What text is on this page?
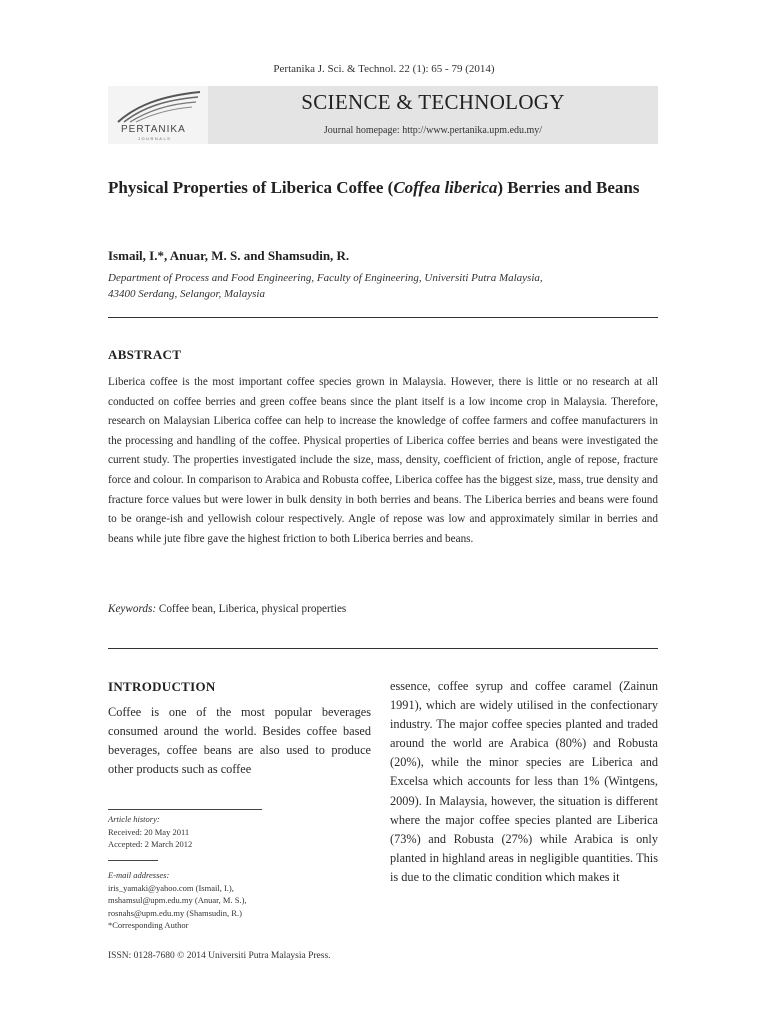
Pertanika J. Sci. & Technol. 22 (1): 65 - 79 (2014)
PERTANIKA
JOURNALS
SCIENCE & TECHNOLOGY
Journal homepage: http://www.pertanika.upm.edu.my/
Physical Properties of Liberica Coffee (Coffea liberica) Berries and Beans
Ismail, I.*, Anuar, M. S. and Shamsudin, R.
Department of Process and Food Engineering, Faculty of Engineering, Universiti Putra Malaysia,
43400 Serdang, Selangor, Malaysia
ABSTRACT
Liberica coffee is the most important coffee species grown in Malaysia. However, there is little or no research at all conducted on coffee berries and green coffee beans since the plant itself is a low income crop in Malaysia. Therefore, research on Malaysian Liberica coffee can help to increase the knowledge of coffee farmers and coffee manufacturers in the processing and handling of the coffee. Physical properties of Liberica coffee berries and beans were investigated the current study. The properties investigated include the size, mass, density, coefficient of friction, angle of repose, fracture force and colour. In comparison to Arabica and Robusta coffee, Liberica coffee has the biggest size, mass, true density and fracture force values but were lower in bulk density in both berries and beans. The Liberica berries and beans were found to be orange-ish and yellowish colour respectively. Angle of repose was low and approximately similar in berries and beans while jute fibre gave the highest friction to both Liberica berries and beans.
Keywords: Coffee bean, Liberica, physical properties
INTRODUCTION
Coffee is one of the most popular beverages consumed around the world. Besides coffee based beverages, coffee beans are also used to produce other products such as coffee
essence, coffee syrup and coffee caramel (Zainun 1991), which are widely utilised in the confectionary industry. The major coffee species planted and traded around the world are Arabica (80%) and Robusta (20%), while the minor species are Liberica and Excelsa which accounts for less than 1% (Wintgens, 2009). In Malaysia, however, the situation is different where the major coffee species planted are Liberica (73%) and Robusta (27%) while Arabica is only planted in highland areas in negligible quantities. This is due to the climatic condition which makes it
Article history:
Received: 20 May 2011
Accepted: 2 March 2012
E-mail addresses:
iris_yamaki@yahoo.com (Ismail, I.),
mshamsul@upm.edu.my (Anuar, M. S.),
rosnahs@upm.edu.my (Shamsudin, R.)
*Corresponding Author
ISSN: 0128-7680 © 2014 Universiti Putra Malaysia Press.
